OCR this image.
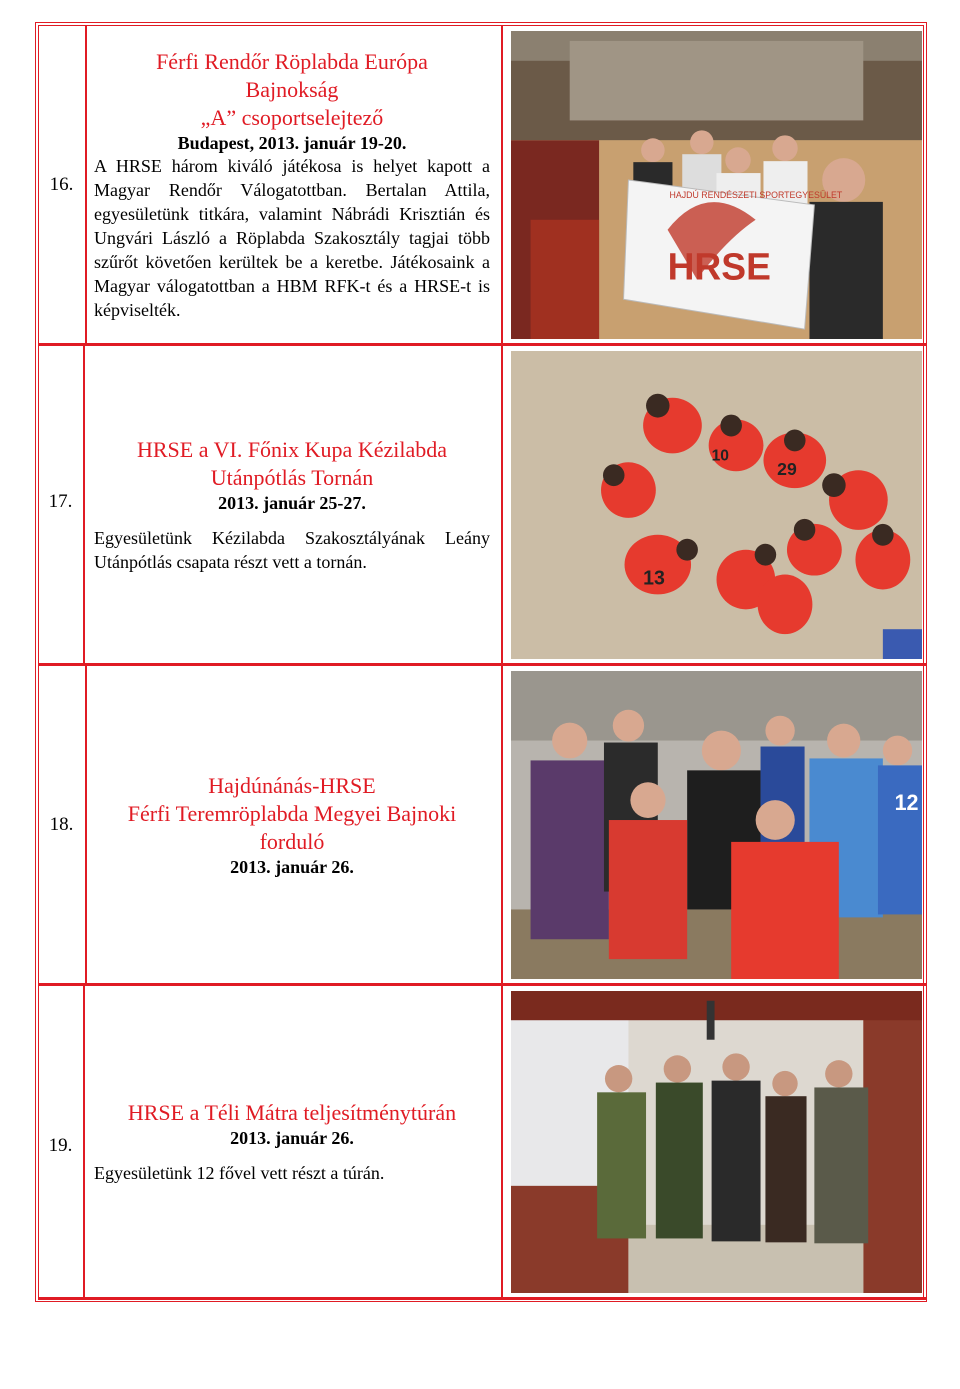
16.
Férfi Rendőr Röplabda Európa
Bajnokság
„A” csoportselejtező
Budapest, 2013. január 19-20.
A HRSE három kiváló játékosa is helyet kapott a Magyar Rendőr Válogatottban. Bertalan Attila, egyesületünk titkára, valamint Nábrádi Krisztián és Ungvári László a Röplabda Szakosztály tagjai több szűrőt követően kerültek be a keretbe. Játékosaink a Magyar válogatottban a HBM RFK-t és a HRSE-t is képviselték.
HAJDÚ RENDÉSZETI SPORTEGYESÜLET
HRSE
17.
HRSE a VI. Főnix Kupa Kézilabda
Utánpótlás Tornán
2013. január 25-27.
Egyesületünk Kézilabda Szakosztályának Leány Utánpótlás csapata részt vett a tornán.
10
29
13
18.
Hajdúnánás-HRSE
Férfi Teremröplabda Megyei Bajnoki
forduló
2013. január 26.
12
19.
HRSE a Téli Mátra teljesítménytúrán
2013. január 26.
Egyesületünk 12 fővel vett részt a túrán.
